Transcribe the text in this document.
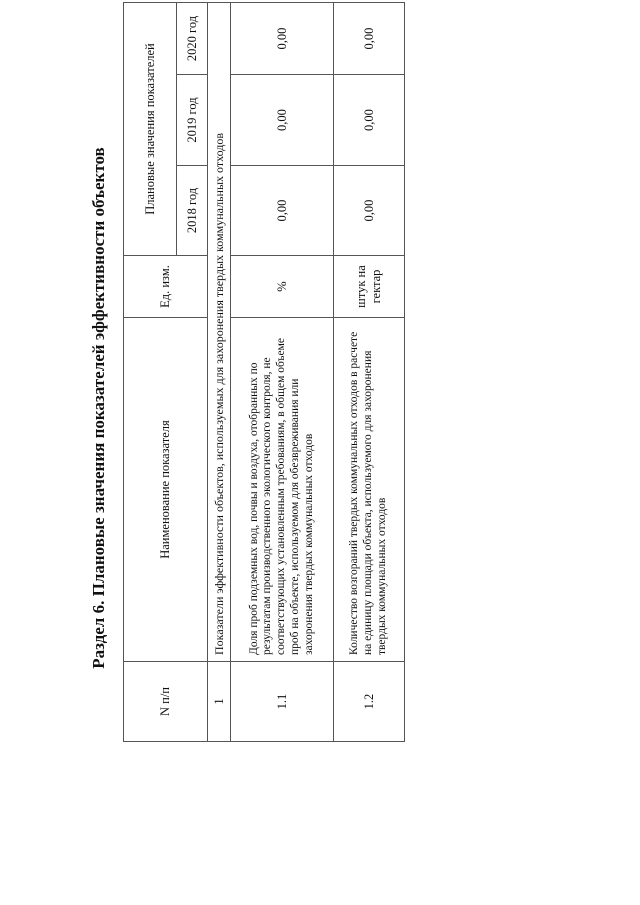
Раздел 6. Плановые значения показателей эффективности объектов
N п/п	Наименование показателя	Ед. изм.	Плановые значения показателей		
			2018 год	2019 год	2020 год
1	Показатели эффективности объектов, используемых для захоронения твердых коммунальных отходов				
1.1	Доля проб подземных вод, почвы и воздуха, отобранных по результатам производственного экологического контроля, не соответствующих установленным требованиям, в общем объеме проб на объекте, используемом для обезвреживания или захоронения твердых коммунальных отходов	%	0,00	0,00	0,00
1.2	Количество возгораний твердых коммунальных отходов в расчете на единицу площади объекта, используемого для захоронения твердых коммунальных отходов	штук на гектар	0,00	0,00	0,00
